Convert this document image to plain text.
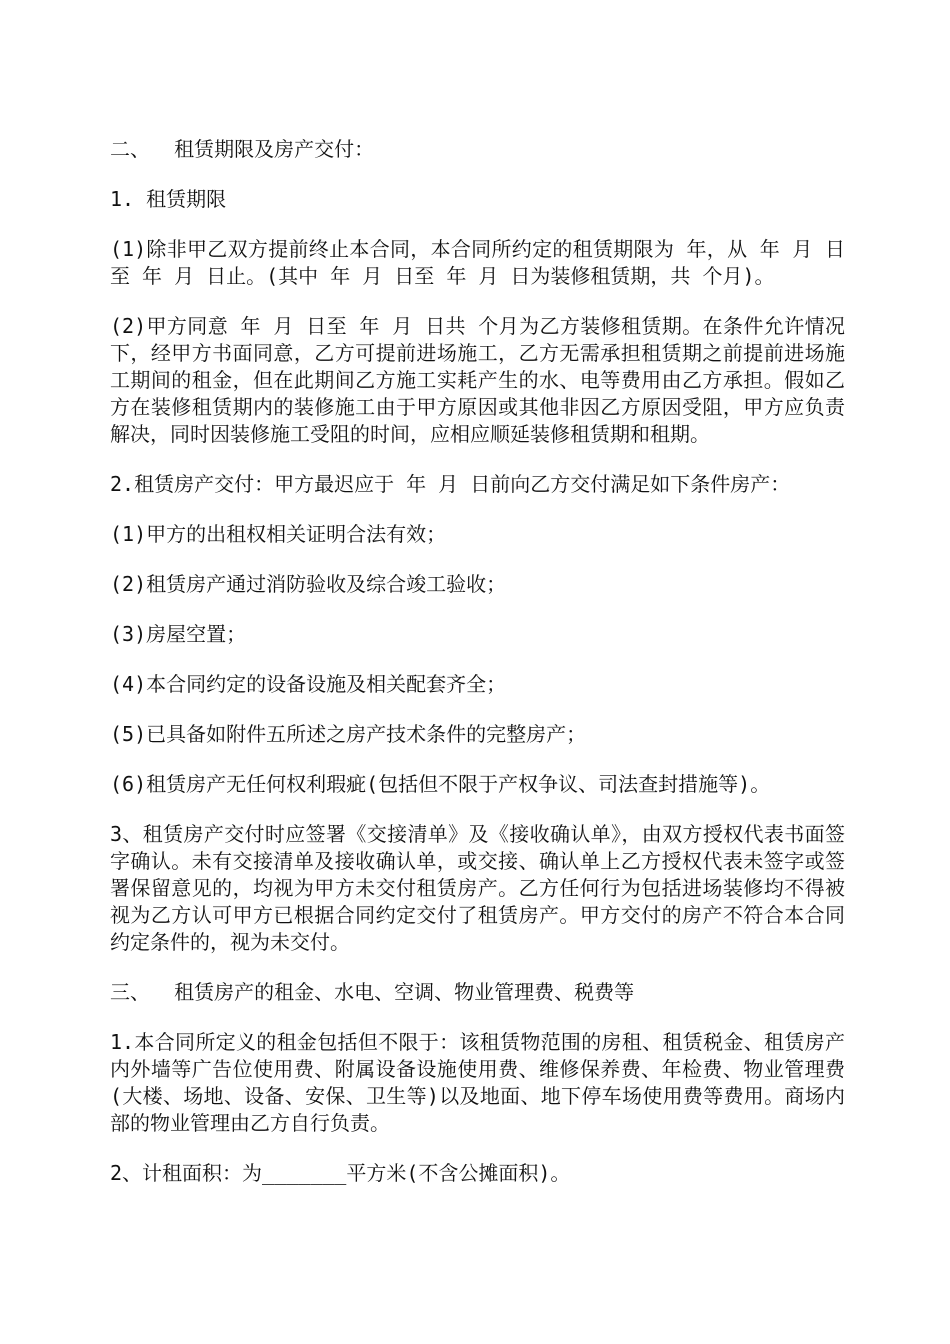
二、  租赁期限及房产交付：

1. 租赁期限

(1)除非甲乙双方提前终止本合同，本合同所约定的租赁期限为 年，从 年 月 日至 年 月 日止。(其中 年 月 日至 年 月 日为装修租赁期，共 个月)。

(2)甲方同意 年 月 日至 年 月 日共 个月为乙方装修租赁期。在条件允许情况下，经甲方书面同意，乙方可提前进场施工，乙方无需承担租赁期之前提前进场施工期间的租金，但在此期间乙方施工实耗产生的水、电等费用由乙方承担。假如乙方在装修租赁期内的装修施工由于甲方原因或其他非因乙方原因受阻，甲方应负责解决，同时因装修施工受阻的时间，应相应顺延装修租赁期和租期。

2.租赁房产交付：甲方最迟应于 年 月 日前向乙方交付满足如下条件房产：

(1)甲方的出租权相关证明合法有效；

(2)租赁房产通过消防验收及综合竣工验收；

(3)房屋空置；

(4)本合同约定的设备设施及相关配套齐全；

(5)已具备如附件五所述之房产技术条件的完整房产；

(6)租赁房产无任何权利瑕疵(包括但不限于产权争议、司法查封措施等)。

3、租赁房产交付时应签署《交接清单》及《接收确认单》，由双方授权代表书面签字确认。未有交接清单及接收确认单，或交接、确认单上乙方授权代表未签字或签署保留意见的，均视为甲方未交付租赁房产。乙方任何行为包括进场装修均不得被视为乙方认可甲方已根据合同约定交付了租赁房产。甲方交付的房产不符合本合同约定条件的，视为未交付。

三、  租赁房产的租金、水电、空调、物业管理费、税费等

1.本合同所定义的租金包括但不限于：该租赁物范围的房租、租赁税金、租赁房产内外墙等广告位使用费、附属设备设施使用费、维修保养费、年检费、物业管理费(大楼、场地、设备、安保、卫生等)以及地面、地下停车场使用费等费用。商场内部的物业管理由乙方自行负责。

2、计租面积：为_______平方米(不含公摊面积)。
